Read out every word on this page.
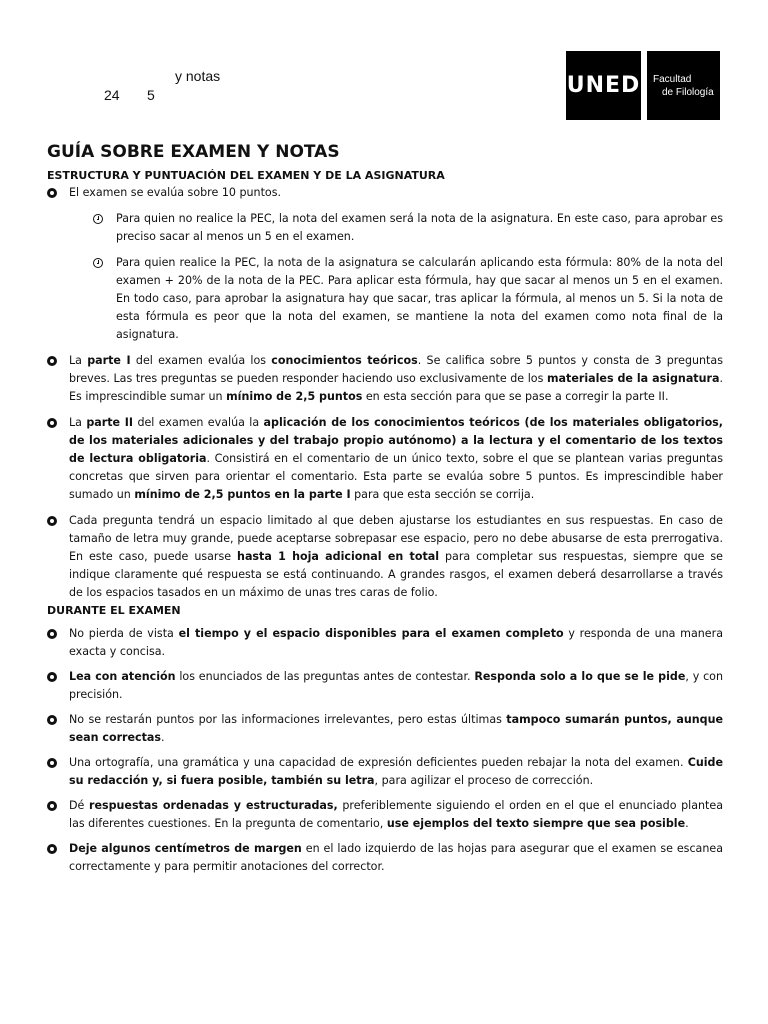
y notas
24 5	UNED Facultad
de Filología
GUÍA SOBRE EXAMEN Y NOTAS
ESTRUCTURA Y PUNTUACIÓN DEL EXAMEN Y DE LA ASIGNATURA
El examen se evalúa sobre 10 puntos.
Para quien no realice la PEC, la nota del examen será la nota de la asignatura. En este caso, para aprobar es preciso sacar al menos un 5 en el examen.
Para quien realice la PEC, la nota de la asignatura se calcularán aplicando esta fórmula: 80% de la nota del examen + 20% de la nota de la PEC. Para aplicar esta fórmula, hay que sacar al menos un 5 en el examen. En todo caso, para aprobar la asignatura hay que sacar, tras aplicar la fórmula, al menos un 5. Si la nota de esta fórmula es peor que la nota del examen, se mantiene la nota del examen como nota final de la asignatura.
La parte I del examen evalúa los conocimientos teóricos. Se califica sobre 5 puntos y consta de 3 preguntas breves. Las tres preguntas se pueden responder haciendo uso exclusivamente de los materiales de la asignatura. Es imprescindible sumar un mínimo de 2,5 puntos en esta sección para que se pase a corregir la parte II.
La parte II del examen evalúa la aplicación de los conocimientos teóricos (de los materiales obligatorios, de los materiales adicionales y del trabajo propio autónomo) a la lectura y el comentario de los textos de lectura obligatoria. Consistirá en el comentario de un único texto, sobre el que se plantean varias preguntas concretas que sirven para orientar el comentario. Esta parte se evalúa sobre 5 puntos. Es imprescindible haber sumado un mínimo de 2,5 puntos en la parte I para que esta sección se corrija.
Cada pregunta tendrá un espacio limitado al que deben ajustarse los estudiantes en sus respuestas. En caso de tamaño de letra muy grande, puede aceptarse sobrepasar ese espacio, pero no debe abusarse de esta prerrogativa. En este caso, puede usarse hasta 1 hoja adicional en total para completar sus respuestas, siempre que se indique claramente qué respuesta se está continuando. A grandes rasgos, el examen deberá desarrollarse a través de los espacios tasados en un máximo de unas tres caras de folio.
DURANTE EL EXAMEN
No pierda de vista el tiempo y el espacio disponibles para el examen completo y responda de una manera exacta y concisa.
Lea con atención los enunciados de las preguntas antes de contestar. Responda solo a lo que se le pide, y con precisión.
No se restarán puntos por las informaciones irrelevantes, pero estas últimas tampoco sumarán puntos, aunque sean correctas.
Una ortografía, una gramática y una capacidad de expresión deficientes pueden rebajar la nota del examen. Cuide su redacción y, si fuera posible, también su letra, para agilizar el proceso de corrección.
Dé respuestas ordenadas y estructuradas, preferiblemente siguiendo el orden en el que el enunciado plantea las diferentes cuestiones. En la pregunta de comentario, use ejemplos del texto siempre que sea posible.
Deje algunos centímetros de margen en el lado izquierdo de las hojas para asegurar que el examen se escanea correctamente y para permitir anotaciones del corrector.
